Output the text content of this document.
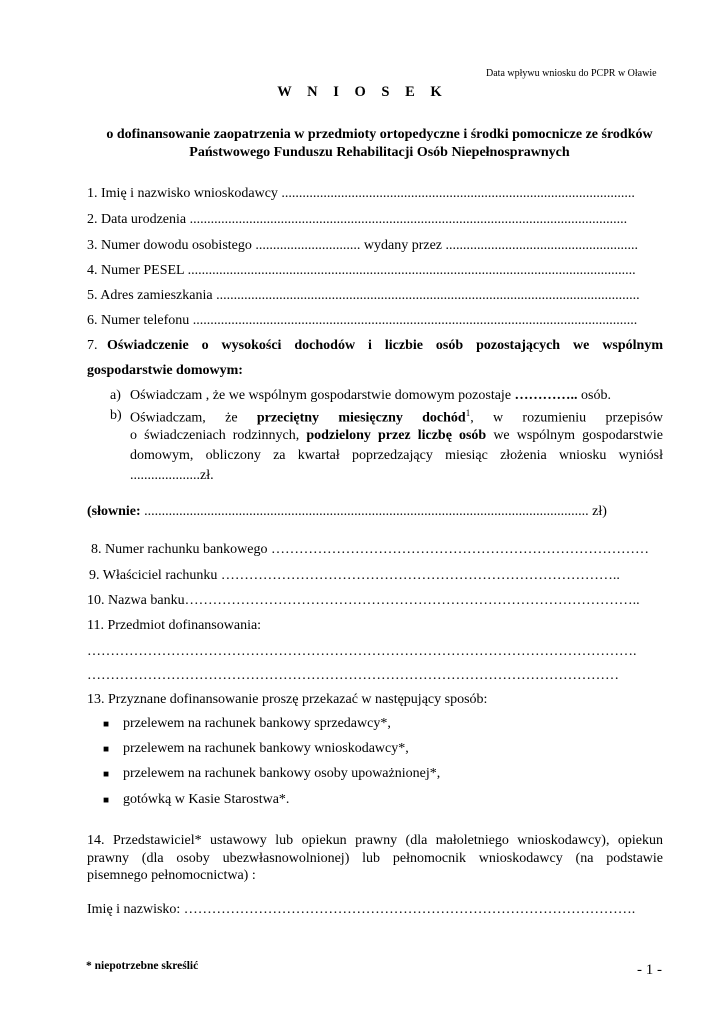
Data wpływu wniosku do PCPR w Oławie
W N I O S E K
o dofinansowanie zaopatrzenia w przedmioty ortopedyczne i środki pomocnicze ze środków Państwowego Funduszu Rehabilitacji Osób Niepełnosprawnych
1. Imię i nazwisko wnioskodawcy .....................................................................................................
2. Data urodzenia .............................................................................................................................
3. Numer dowodu osobistego .............................. wydany przez .......................................................
4. Numer PESEL ................................................................................................................................
5. Adres zamieszkania .........................................................................................................................
6. Numer telefonu ...............................................................................................................................
7. Oświadczenie o wysokości dochodów i liczbie osób pozostających we wspólnym
gospodarstwie domowym:
a) Oświadczam , że we wspólnym gospodarstwie domowym pozostaje ………….. osób.
b) Oświadczam, że przeciętny miesięczny dochód$^1$, w rozumieniu przepisów
o świadczeniach rodzinnych, podzielony przez liczbę osób we wspólnym gospodarstwie
domowym, obliczony za kwartał poprzedzający miesiąc złożenia wniosku wyniósł
....................zł.
(słownie: ............................................................................................................................... zł)
8. Numer rachunku bankowego ………………………………………………………………………
9. Właściciel rachunku …………………………………………………………………………..
10. Nazwa banku……………………………………………………………………………………..
11. Przedmiot dofinansowania:
……………………………………………………………………………………………………….
……………………………………………………………………………………………………
13. Przyznane dofinansowanie proszę przekazać w następujący sposób:
■ przelewem na rachunek bankowy sprzedawcy*,
■ przelewem na rachunek bankowy wnioskodawcy*,
■ przelewem na rachunek bankowy osoby upoważnionej*,
■ gotówką w Kasie Starostwa*.
14. Przedstawiciel* ustawowy lub opiekun prawny (dla małoletniego wnioskodawcy), opiekun
prawny (dla osoby ubezwłasnowolnionej) lub pełnomocnik wnioskodawcy (na podstawie
pisemnego pełnomocnictwa) :
Imię i nazwisko: …………………………………………………………………………………….
* niepotrzebne skreślić	- 1 -
